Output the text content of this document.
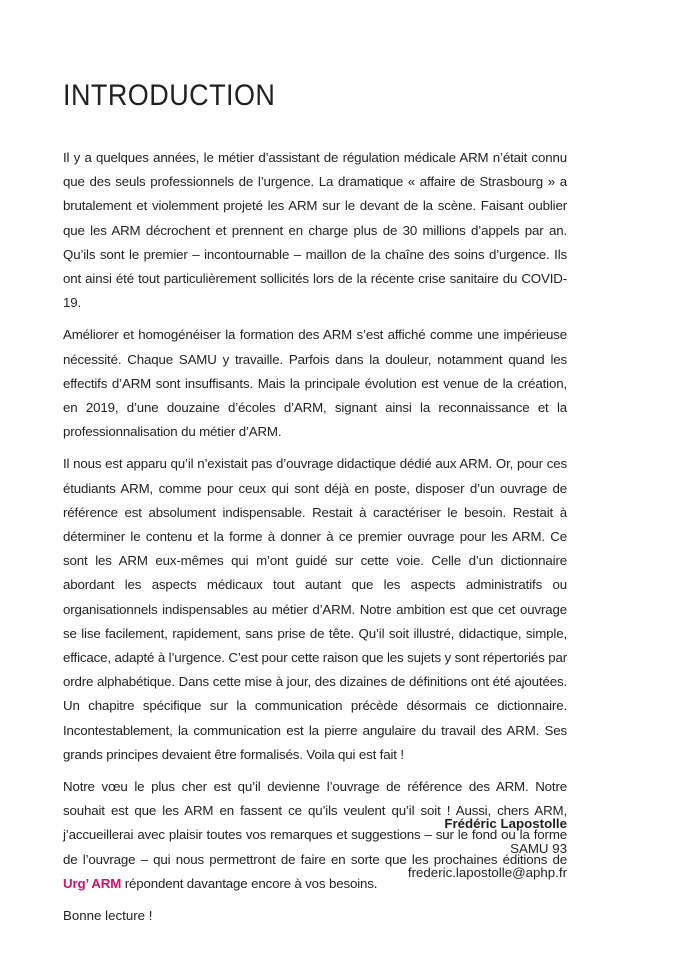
INTRODUCTION

Il y a quelques années, le métier d’assistant de régulation médicale ARM n’était connu que des seuls professionnels de l’urgence. La dramatique « affaire de Strasbourg » a brutalement et violemment projeté les ARM sur le devant de la scène. Faisant oublier que les ARM décrochent et prennent en charge plus de 30 millions d’appels par an. Qu’ils sont le premier – incontournable – maillon de la chaîne des soins d’urgence. Ils ont ainsi été tout particulièrement sollicités lors de la récente crise sanitaire du COVID-19.

Améliorer et homogénéiser la formation des ARM s’est affiché comme une impérieuse nécessité. Chaque SAMU y travaille. Parfois dans la douleur, notamment quand les effectifs d’ARM sont insuffisants. Mais la principale évolution est venue de la création, en 2019, d’une douzaine d’écoles d’ARM, signant ainsi la reconnaissance et la professionnalisation du métier d’ARM.

Il nous est apparu qu’il n’existait pas d’ouvrage didactique dédié aux ARM. Or, pour ces étudiants ARM, comme pour ceux qui sont déjà en poste, disposer d’un ouvrage de référence est absolument indispensable. Restait à caractériser le besoin. Restait à déterminer le contenu et la forme à donner à ce premier ouvrage pour les ARM. Ce sont les ARM eux-mêmes qui m’ont guidé sur cette voie. Celle d’un dictionnaire abordant les aspects médicaux tout autant que les aspects administratifs ou organisationnels indispensables au métier d’ARM. Notre ambition est que cet ouvrage se lise facilement, rapidement, sans prise de tête. Qu’il soit illustré, didactique, simple, efficace, adapté à l’urgence. C’est pour cette raison que les sujets y sont répertoriés par ordre alphabétique. Dans cette mise à jour, des dizaines de définitions ont été ajoutées. Un chapitre spécifique sur la communication précède désormais ce dictionnaire. Incontestablement, la communication est la pierre angulaire du travail des ARM. Ses grands principes devaient être formalisés. Voila qui est fait !

Notre vœu le plus cher est qu’il devienne l’ouvrage de référence des ARM. Notre souhait est que les ARM en fassent ce qu’ils veulent qu’il soit ! Aussi, chers ARM, j’accueillerai avec plaisir toutes vos remarques et suggestions – sur le fond ou la forme de l’ouvrage – qui nous permettront de faire en sorte que les prochaines éditions de Urg’ ARM répondent davantage encore à vos besoins.

Bonne lecture !

Frédéric Lapostolle
SAMU 93
frederic.lapostolle@aphp.fr
